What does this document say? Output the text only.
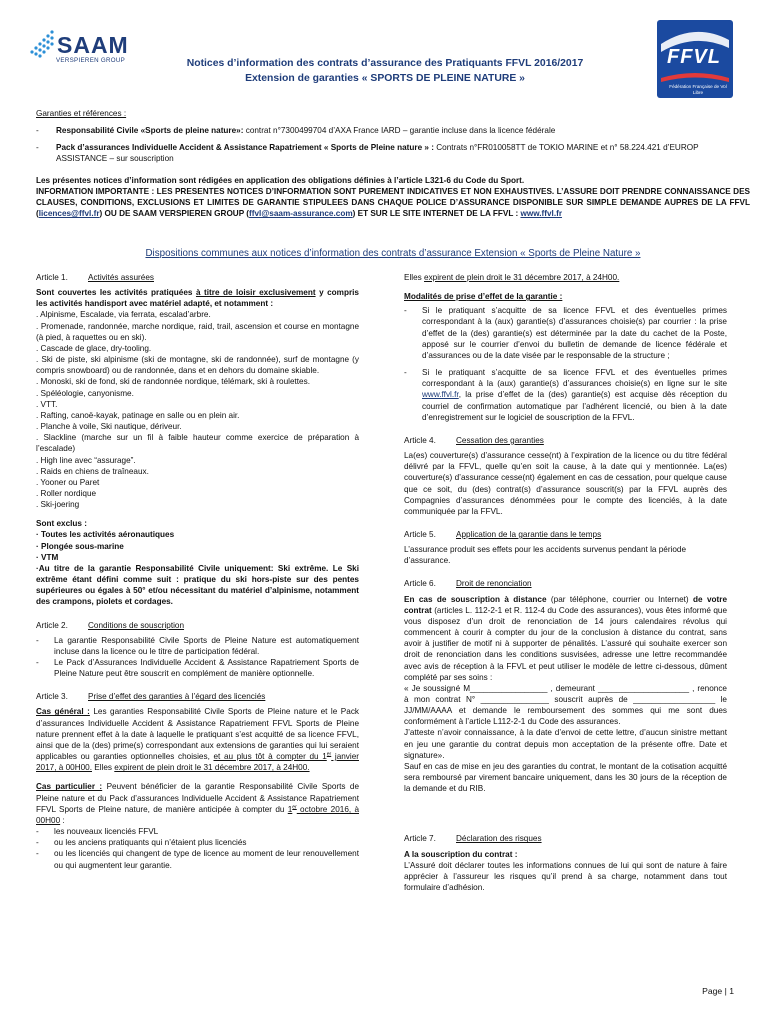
SAAM
VERSPIEREN GROUP	FFVL
Fédération Française de Vol Libre
Notices d’information des contrats d’assurance des Pratiquants FFVL 2016/2017
Extension de garanties « SPORTS DE PLEINE NATURE »

Garanties et références :

- Responsabilité Civile «Sports de pleine nature»: contrat n°7300499704 d’AXA France IARD – garantie incluse dans la licence fédérale
- Pack d’assurances Individuelle Accident & Assistance Rapatriement « Sports de Pleine nature » : Contrats n°FR010058TT de TOKIO MARINE et n° 58.224.421 d’EUROP ASSISTANCE – sur souscription

Les présentes notices d’information sont rédigées en application des obligations définies à l’article L321-6 du Code du Sport.

INFORMATION IMPORTANTE : LES PRESENTES NOTICES D’INFORMATION SONT PUREMENT INDICATIVES ET NON EXHAUSTIVES. L’ASSURE DOIT PRENDRE CONNAISSANCE DES CLAUSES, CONDITIONS, EXCLUSIONS ET LIMITES DE GARANTIE STIPULEES DANS CHAQUE POLICE D’ASSURANCE DISPONIBLE SUR SIMPLE DEMANDE AUPRES DE LA FFVL (licences@ffvl.fr) OU DE SAAM VERSPIEREN GROUP (ffvl@saam-assurance.com) ET SUR LE SITE INTERNET DE LA FFVL : www.ffvl.fr

Dispositions communes aux notices d’information des contrats d’assurance Extension « Sports de Pleine Nature »
Article 1. Activités assurées

Sont couvertes les activités pratiquées à titre de loisir exclusivement y compris les activités handisport avec matériel adapté, et notamment :

. Alpinisme, Escalade, via ferrata, escalad’arbre.
. Promenade, randonnée, marche nordique, raid, trail, ascension et course en montagne (à pied, à raquettes ou en ski).
. Cascade de glace, dry-tooling.
. Ski de piste, ski alpinisme (ski de montagne, ski de randonnée), surf de montagne (y compris snowboard) ou de randonnée, dans et en dehors du domaine skiable.
. Monoski, ski de fond, ski de randonnée nordique, télémark, ski à roulettes.
. Spéléologie, canyonisme.
. VTT.
. Rafting, canoë-kayak, patinage en salle ou en plein air.
. Planche à voile, Ski nautique, dériveur.
. Slackline (marche sur un fil à faible hauteur comme exercice de préparation à l’escalade)
. High line avec “assurage”.
. Raids en chiens de traîneaux.
. Yooner ou Paret
. Roller nordique
. Ski-joering
Sont exclus :
· Toutes les activités aéronautiques
· Plongée sous-marine
· VTM
·Au titre de la garantie Responsabilité Civile uniquement: Ski extrême. Le Ski extrême étant défini comme suit : pratique du ski hors-piste sur des pentes supérieures ou égales à 50° et/ou nécessitant du matériel d’alpinisme, notamment des crampons, piolets et cordages.
Article 2. Conditions de souscription
- La garantie Responsabilité Civile Sports de Pleine Nature est automatiquement incluse dans la licence ou le titre de participation fédéral.
- Le Pack d’Assurances Individuelle Accident & Assistance Rapatriement Sports de Pleine Nature peut être souscrit en complément de manière optionnelle.
Article 3. Prise d’effet des garanties à l’égard des licenciés

Cas général : Les garanties Responsabilité Civile Sports de Pleine nature et le Pack d’assurances Individuelle Accident & Assistance Rapatriement FFVL Sports de Pleine nature prennent effet à la date à laquelle le pratiquant s’est acquitté de sa licence FFVL, ainsi que de la (des) prime(s) correspondant aux extensions de garanties qui lui seraient applicables ou garanties optionnelles choisies, et au plus tôt à compter du 1er janvier 2017, à 00H00. Elles expirent de plein droit le 31 décembre 2017, à 24H00.

Cas particulier : Peuvent bénéficier de la garantie Responsabilité Civile Sports de Pleine nature et du Pack d’assurances Individuelle Accident & Assistance Rapatriement FFVL Sports de Pleine nature, de manière anticipée à compter du 1er octobre 2016, à 00H00 :

- les nouveaux licenciés FFVL
- ou les anciens pratiquants qui n’étaient plus licenciés
- ou les licenciés qui changent de type de licence au moment de leur renouvellement ou qui augmentent leur garantie.

Elles expirent de plein droit le 31 décembre 2017, à 24H00.

Modalités de prise d’effet de la garantie :

- Si le pratiquant s’acquitte de sa licence FFVL et des éventuelles primes correspondant à la (aux) garantie(s) d’assurances choisie(s) par courrier : la prise d’effet de la (des) garantie(s) est déterminée par la date du cachet de la Poste, apposé sur le courrier d’envoi du bulletin de demande de licence fédérale et d’assurances ou de la date visée par le responsable de la structure ;
- Si le pratiquant s’acquitte de sa licence FFVL et des éventuelles primes correspondant à la (aux) garantie(s) d’assurances choisie(s) en ligne sur le site www.ffvl.fr, la prise d’effet de la (des) garantie(s) est acquise dès réception du courriel de confirmation automatique par l’adhérent licencié, ou bien à la date d’enregistrement sur le logiciel de souscription de la FFVL.
Article 4. Cessation des garanties

La(es) couverture(s) d’assurance cesse(nt) à l’expiration de la licence ou du titre fédéral délivré par la FFVL, quelle qu’en soit la cause, à la date qui y mentionnée. La(es) couverture(s) d’assurance cesse(nt) également en cas de cessation, pour quelque cause que ce soit, du (des) contrat(s) d’assurance souscrit(s) par la FFVL auprès des Compagnies d’assurances dénommées pour le compte des licenciés, à la date communiquée par la FFVL.

Article 5. Application de la garantie dans le temps

L’assurance produit ses effets pour les accidents survenus pendant la période d’assurance.

Article 6. Droit de renonciation

En cas de souscription à distance (par téléphone, courrier ou Internet) de votre contrat (articles L. 112-2-1 et R. 112-4 du Code des assurances), vous êtes informé que vous disposez d’un droit de renonciation de 14 jours calendaires révolus qui commencent à courir à compter du jour de la conclusion à distance du contrat, sans avoir à justifier de motif ni à supporter de pénalités. L’assuré qui souhaite exercer son droit de renonciation dans les conditions susvisées, adresse une lettre recommandée avec avis de réception à la FFVL et peut utiliser le modèle de lettre ci-dessous, dûment complété par ses soins :

« Je soussigné M_________________ , demeurant ____________________ , renonce à mon contrat N° _______________ souscrit auprès de __________________ le JJ/MM/AAAA et demande le remboursement des sommes qui me sont dues conformément à l’article L112-2-1 du Code des assurances.

J’atteste n’avoir connaissance, à la date d’envoi de cette lettre, d’aucun sinistre mettant en jeu une garantie du contrat depuis mon acceptation de la présente offre. Date et signature».

Sauf en cas de mise en jeu des garanties du contrat, le montant de la cotisation acquitté sera remboursé par virement bancaire uniquement, dans les 30 jours de la réception de la demande et du RIB.

Article 7. Déclaration des risques

A la souscription du contrat :

L’Assuré doit déclarer toutes les informations connues de lui qui sont de nature à faire apprécier à l’assureur les risques qu’il prend à sa charge, notamment dans tout formulaire d’adhésion.

Page | 1
